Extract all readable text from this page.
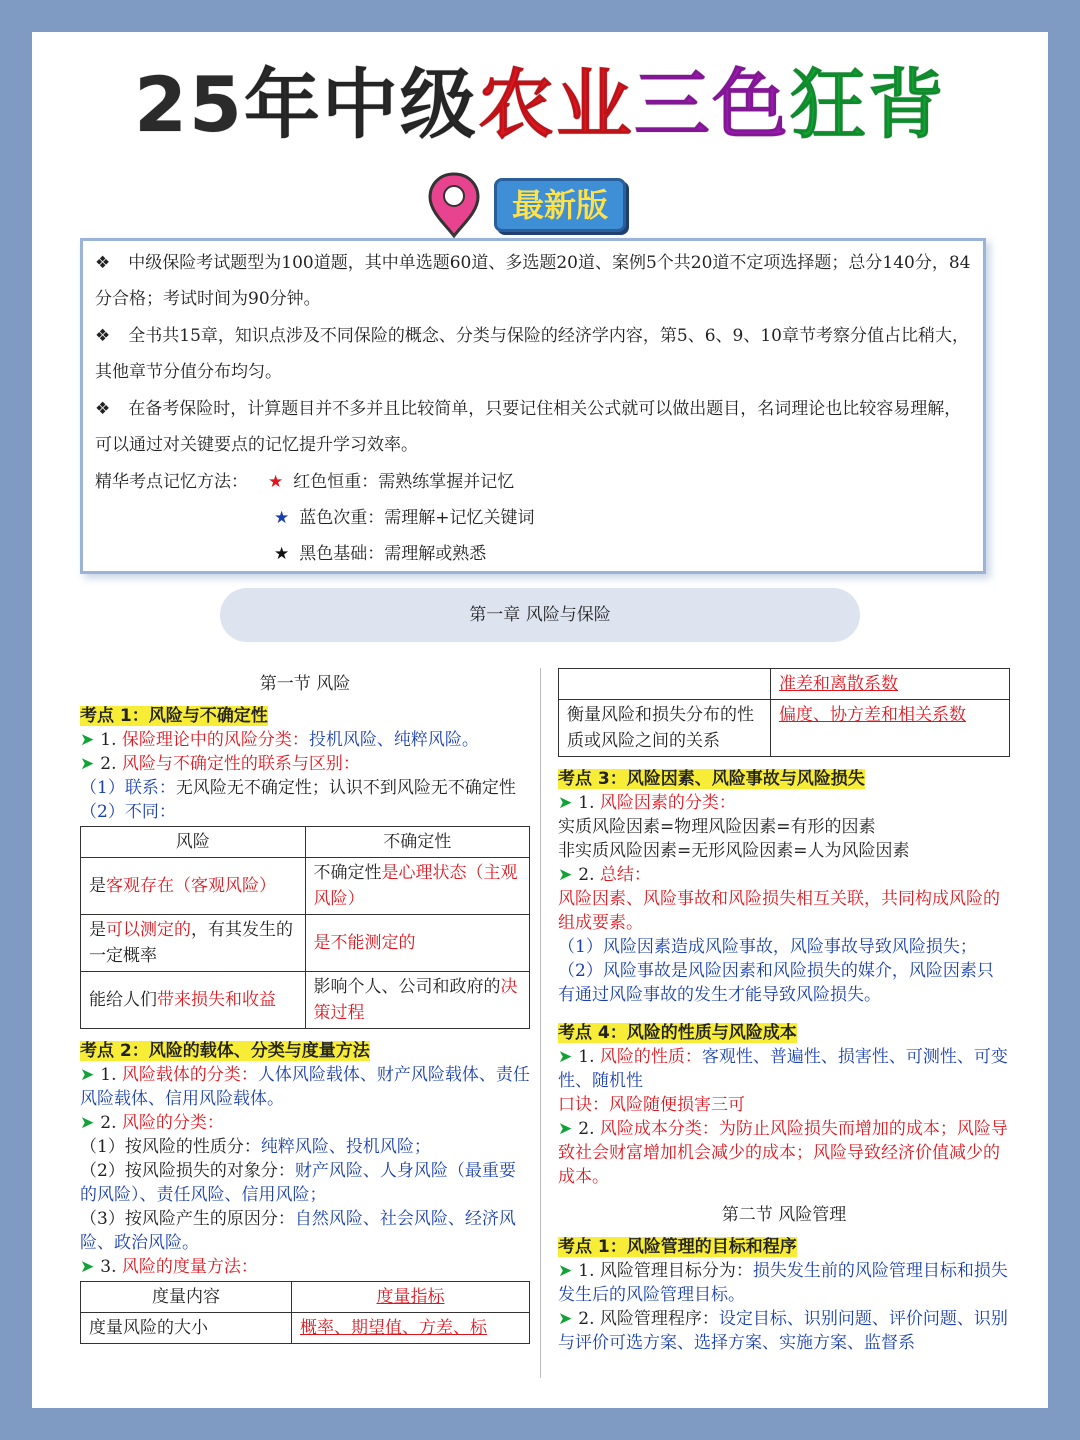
25年中级农业三色狂背
最新版

❖ 中级保险考试题型为100道题，其中单选题60道、多选题20道、案例5个共20道不定项选择题；总分140分，84分合格；考试时间为90分钟。

❖ 全书共15章，知识点涉及不同保险的概念、分类与保险的经济学内容，第5、6、9、10章节考察分值占比稍大，其他章节分值分布均匀。

❖ 在备考保险时，计算题目并不多并且比较简单，只要记住相关公式就可以做出题目，名词理论也比较容易理解，可以通过对关键要点的记忆提升学习效率。

精华考点记忆方法： ★ 红色恒重：需熟练掌握并记忆
★ 蓝色次重：需理解+记忆关键词
★ 黑色基础：需理解或熟悉
第一章 风险与保险
第一节 风险
考点 1：风险与不确定性
➤ 1. 保险理论中的风险分类：投机风险、纯粹风险。
➤ 2. 风险与不确定性的联系与区别：
（1）联系：无风险无不确定性；认识不到风险无不确定性
（2）不同：
风险	不确定性
是客观存在（客观风险）	不确定性是心理状态（主观风险）
是可以测定的，有其发生的一定概率	是不能测定的
能给人们带来损失和收益	影响个人、公司和政府的决策过程
考点 2：风险的载体、分类与度量方法
➤ 1. 风险载体的分类：人体风险载体、财产风险载体、责任风险载体、信用风险载体。
➤ 2. 风险的分类：
（1）按风险的性质分：纯粹风险、投机风险；
（2）按风险损失的对象分：财产风险、人身风险（最重要的风险）、责任风险、信用风险；
（3）按风险产生的原因分：自然风险、社会风险、经济风险、政治风险。
➤ 3. 风险的度量方法：
度量内容	度量指标
度量风险的大小	概率、期望值、方差、标
	准差和离散系数
衡量风险和损失分布的性质或风险之间的关系	偏度、协方差和相关系数
考点 3：风险因素、风险事故与风险损失
➤ 1. 风险因素的分类：
实质风险因素=物理风险因素=有形的因素
非实质风险因素=无形风险因素=人为风险因素
➤ 2. 总结：
风险因素、风险事故和风险损失相互关联，共同构成风险的组成要素。
（1）风险因素造成风险事故，风险事故导致风险损失；
（2）风险事故是风险因素和风险损失的媒介，风险因素只有通过风险事故的发生才能导致风险损失。
考点 4：风险的性质与风险成本
➤ 1. 风险的性质：客观性、普遍性、损害性、可测性、可变性、随机性
口诀：风险随便损害三可
➤ 2. 风险成本分类：为防止风险损失而增加的成本；风险导致社会财富增加机会减少的成本；风险导致经济价值减少的成本。
第二节 风险管理
考点 1：风险管理的目标和程序
➤ 1. 风险管理目标分为：损失发生前的风险管理目标和损失发生后的风险管理目标。
➤ 2. 风险管理程序：设定目标、识别问题、评价问题、识别与评价可选方案、选择方案、实施方案、监督系
